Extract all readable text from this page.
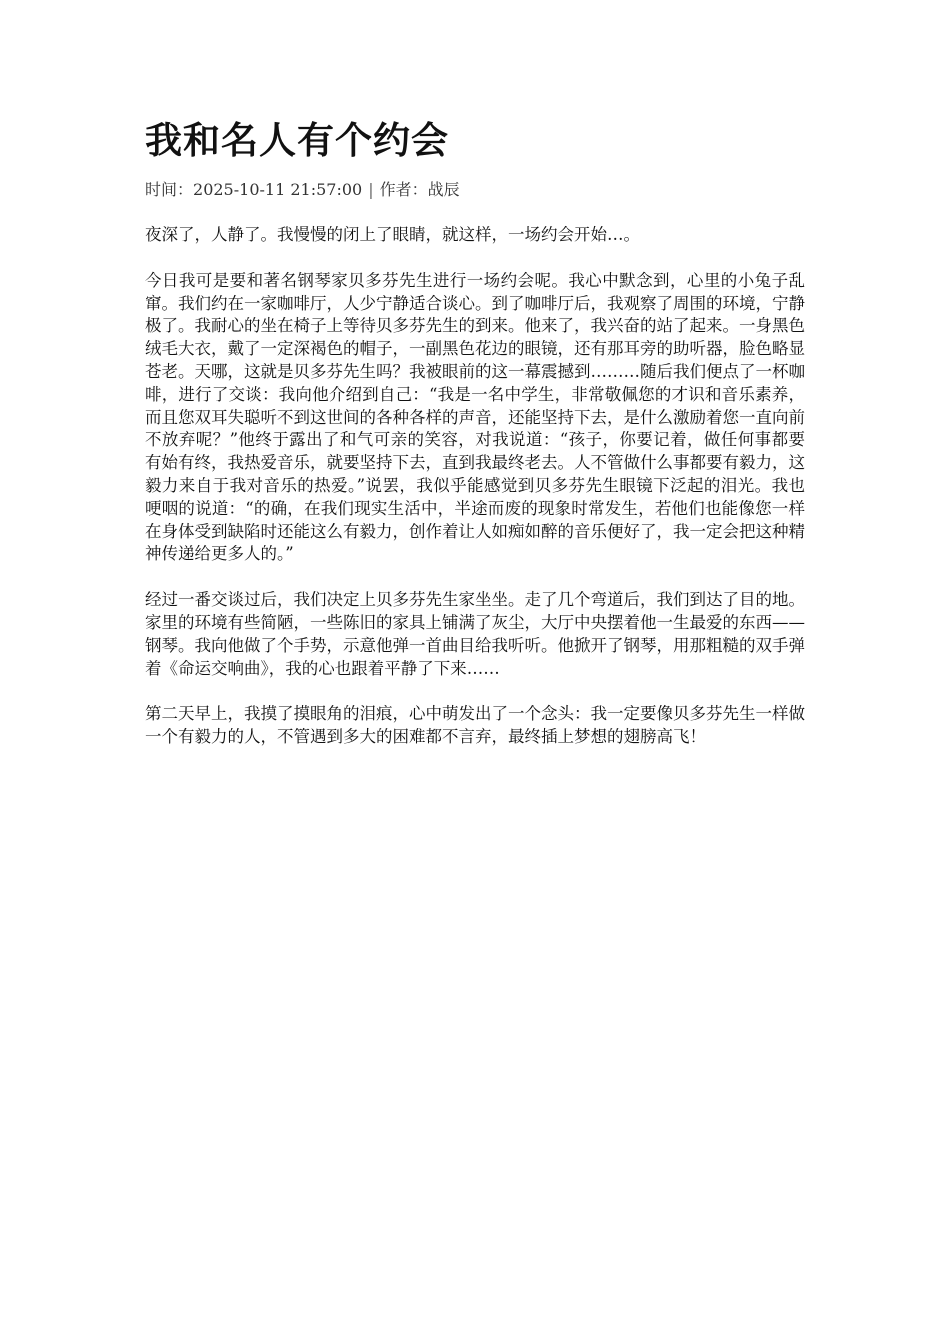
我和名人有个约会
时间：2025-10-11 21:57:00 | 作者：战辰

夜深了，人静了。我慢慢的闭上了眼睛，就这样，一场约会开始…。

今日我可是要和著名钢琴家贝多芬先生进行一场约会呢。我心中默念到，心里的小兔子乱窜。我们约在一家咖啡厅，人少宁静适合谈心。到了咖啡厅后，我观察了周围的环境，宁静极了。我耐心的坐在椅子上等待贝多芬先生的到来。他来了，我兴奋的站了起来。一身黑色绒毛大衣，戴了一定深褐色的帽子，一副黑色花边的眼镜，还有那耳旁的助听器，脸色略显苍老。天哪，这就是贝多芬先生吗？我被眼前的这一幕震撼到………随后我们便点了一杯咖啡，进行了交谈：我向他介绍到自己：“我是一名中学生，非常敬佩您的才识和音乐素养，而且您双耳失聪听不到这世间的各种各样的声音，还能坚持下去，是什么激励着您一直向前不放弃呢？”他终于露出了和气可亲的笑容，对我说道：“孩子，你要记着，做任何事都要有始有终，我热爱音乐，就要坚持下去，直到我最终老去。人不管做什么事都要有毅力，这毅力来自于我对音乐的热爱。”说罢，我似乎能感觉到贝多芬先生眼镜下泛起的泪光。我也哽咽的说道：“的确，在我们现实生活中，半途而废的现象时常发生，若他们也能像您一样在身体受到缺陷时还能这么有毅力，创作着让人如痴如醉的音乐便好了，我一定会把这种精神传递给更多人的。”

经过一番交谈过后，我们决定上贝多芬先生家坐坐。走了几个弯道后，我们到达了目的地。家里的环境有些简陋，一些陈旧的家具上铺满了灰尘，大厅中央摆着他一生最爱的东西——钢琴。我向他做了个手势，示意他弹一首曲目给我听听。他掀开了钢琴，用那粗糙的双手弹着《命运交响曲》，我的心也跟着平静了下来……

第二天早上，我摸了摸眼角的泪痕，心中萌发出了一个念头：我一定要像贝多芬先生一样做一个有毅力的人，不管遇到多大的困难都不言弃，最终插上梦想的翅膀高飞！
